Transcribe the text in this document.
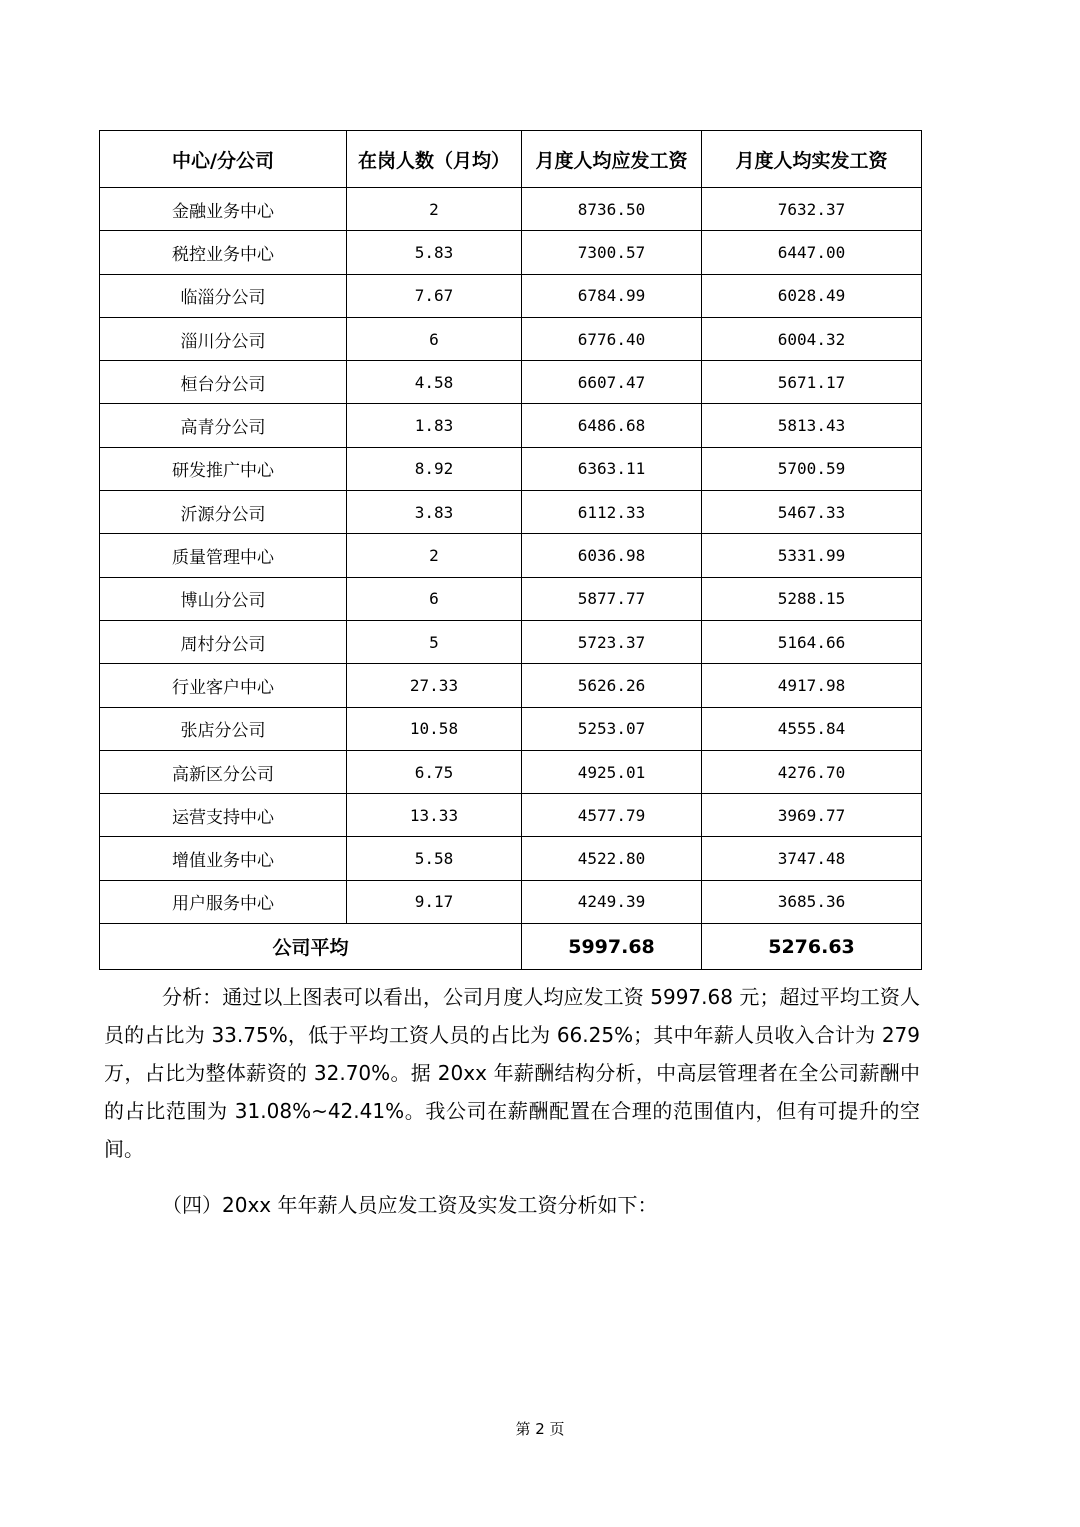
中心/分公司	在岗人数（月均）	月度人均应发工资	月度人均实发工资
金融业务中心	2	8736.50	7632.37
税控业务中心	5.83	7300.57	6447.00
临淄分公司	7.67	6784.99	6028.49
淄川分公司	6	6776.40	6004.32
桓台分公司	4.58	6607.47	5671.17
高青分公司	1.83	6486.68	5813.43
研发推广中心	8.92	6363.11	5700.59
沂源分公司	3.83	6112.33	5467.33
质量管理中心	2	6036.98	5331.99
博山分公司	6	5877.77	5288.15
周村分公司	5	5723.37	5164.66
行业客户中心	27.33	5626.26	4917.98
张店分公司	10.58	5253.07	4555.84
高新区分公司	6.75	4925.01	4276.70
运营支持中心	13.33	4577.79	3969.77
增值业务中心	5.58	4522.80	3747.48
用户服务中心	9.17	4249.39	3685.36
公司平均		5997.68	5276.63
分析：通过以上图表可以看出，公司月度人均应发工资 5997.68 元；超过平均工资人员的占比为 33.75%，低于平均工资人员的占比为 66.25%；其中年薪人员收入合计为 279 万，占比为整体薪资的 32.70%。据 20xx 年薪酬结构分析，中高层管理者在全公司薪酬中的占比范围为 31.08%~42.41%。我公司在薪酬配置在合理的范围值内，但有可提升的空间。
（四）20xx 年年薪人员应发工资及实发工资分析如下：
第 2 页
